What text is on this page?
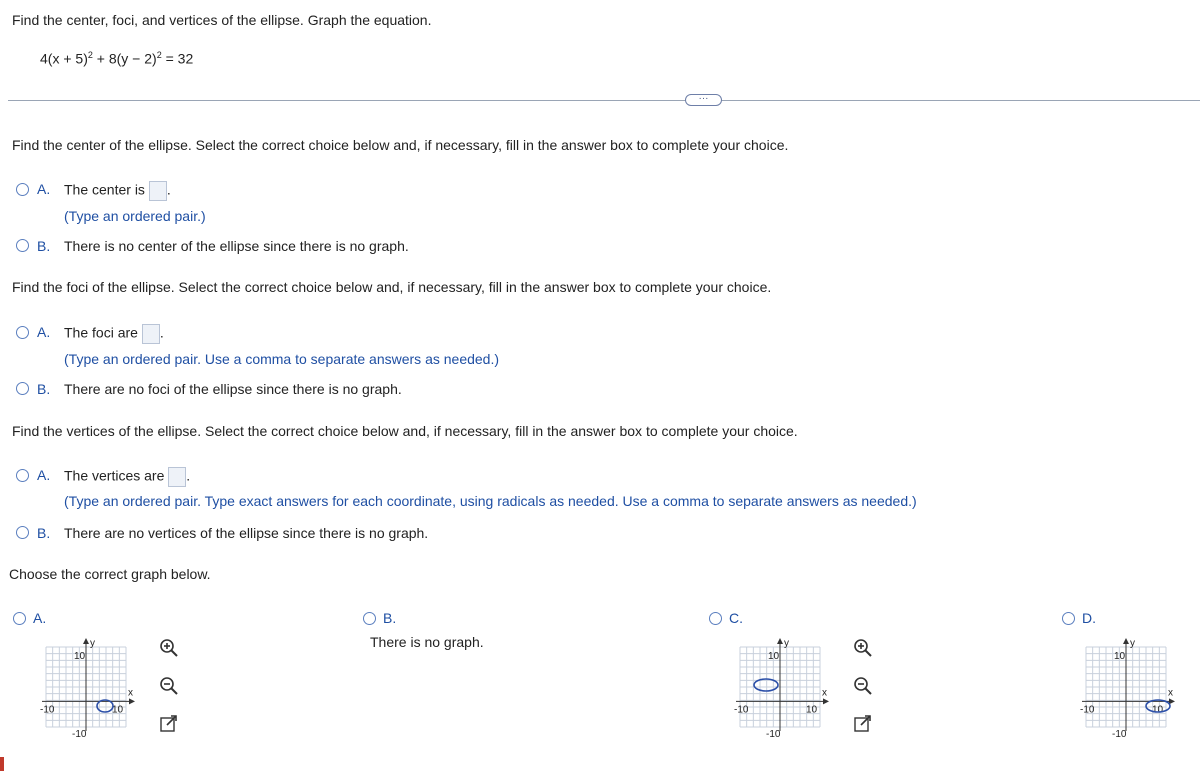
Find the center, foci, and vertices of the ellipse. Graph the equation.
$4(x + 5)^2 + 8(y - 2)^2 = 32$
···
Find the center of the ellipse. Select the correct choice below and, if necessary, fill in the answer box to complete your choice.
A. The center is .
(Type an ordered pair.)
B. There is no center of the ellipse since there is no graph.
Find the foci of the ellipse. Select the correct choice below and, if necessary, fill in the answer box to complete your choice.
A. The foci are .
(Type an ordered pair. Use a comma to separate answers as needed.)
B. There are no foci of the ellipse since there is no graph.
Find the vertices of the ellipse. Select the correct choice below and, if necessary, fill in the answer box to complete your choice.
A. The vertices are .
(Type an ordered pair. Type exact answers for each coordinate, using radicals as needed. Use a comma to separate answers as needed.)
B. There are no vertices of the ellipse since there is no graph.
Choose the correct graph below.
A.	B.
There is no graph.
C.	D.
y
x
10
10
-10
-10
y
x
10
10
-10
-10
y
x
10
10
-10
-10
